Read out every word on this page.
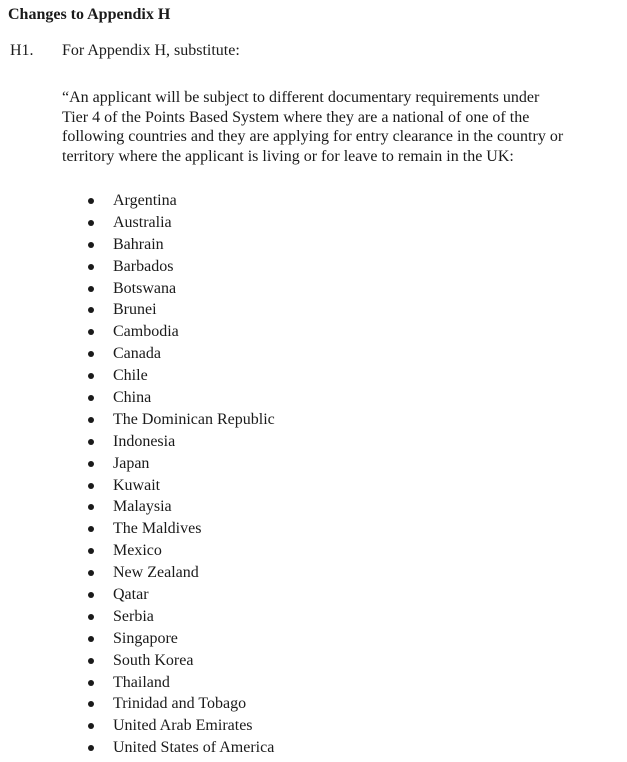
Changes to Appendix H
H1. For Appendix H, substitute:
“An applicant will be subject to different documentary requirements under
Tier 4 of the Points Based System where they are a national of one of the
following countries and they are applying for entry clearance in the country or
territory where the applicant is living or for leave to remain in the UK:
Argentina
Australia
Bahrain
Barbados
Botswana
Brunei
Cambodia
Canada
Chile
China
The Dominican Republic
Indonesia
Japan
Kuwait
Malaysia
The Maldives
Mexico
New Zealand
Qatar
Serbia
Singapore
South Korea
Thailand
Trinidad and Tobago
United Arab Emirates
United States of America
